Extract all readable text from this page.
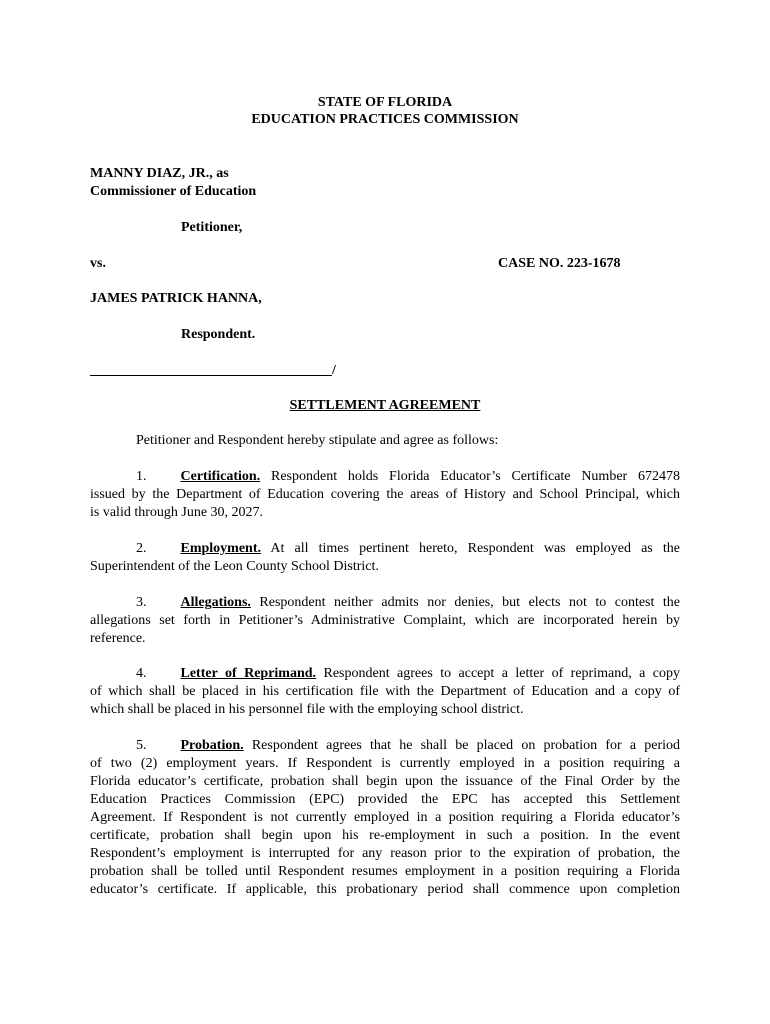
STATE OF FLORIDA
EDUCATION PRACTICES COMMISSION
MANNY DIAZ, JR., as
Commissioner of Education
Petitioner,
vs.	CASE NO. 223-1678
JAMES PATRICK HANNA,
Respondent.
/
SETTLEMENT AGREEMENT
Petitioner and Respondent hereby stipulate and agree as follows:
1. Certification. Respondent holds Florida Educator’s Certificate Number 672478
issued by the Department of Education covering the areas of History and School Principal, which
is valid through June 30, 2027.
2. Employment. At all times pertinent hereto, Respondent was employed as the
Superintendent of the Leon County School District.
3. Allegations. Respondent neither admits nor denies, but elects not to contest the
allegations set forth in Petitioner’s Administrative Complaint, which are incorporated herein by
reference.
4. Letter of Reprimand. Respondent agrees to accept a letter of reprimand, a copy
of which shall be placed in his certification file with the Department of Education and a copy of
which shall be placed in his personnel file with the employing school district.
5. Probation. Respondent agrees that he shall be placed on probation for a period
of two (2) employment years. If Respondent is currently employed in a position requiring a
Florida educator’s certificate, probation shall begin upon the issuance of the Final Order by the
Education Practices Commission (EPC) provided the EPC has accepted this Settlement
Agreement. If Respondent is not currently employed in a position requiring a Florida educator’s
certificate, probation shall begin upon his re-employment in such a position. In the event
Respondent’s employment is interrupted for any reason prior to the expiration of probation, the
probation shall be tolled until Respondent resumes employment in a position requiring a Florida
educator’s certificate. If applicable, this probationary period shall commence upon completion
